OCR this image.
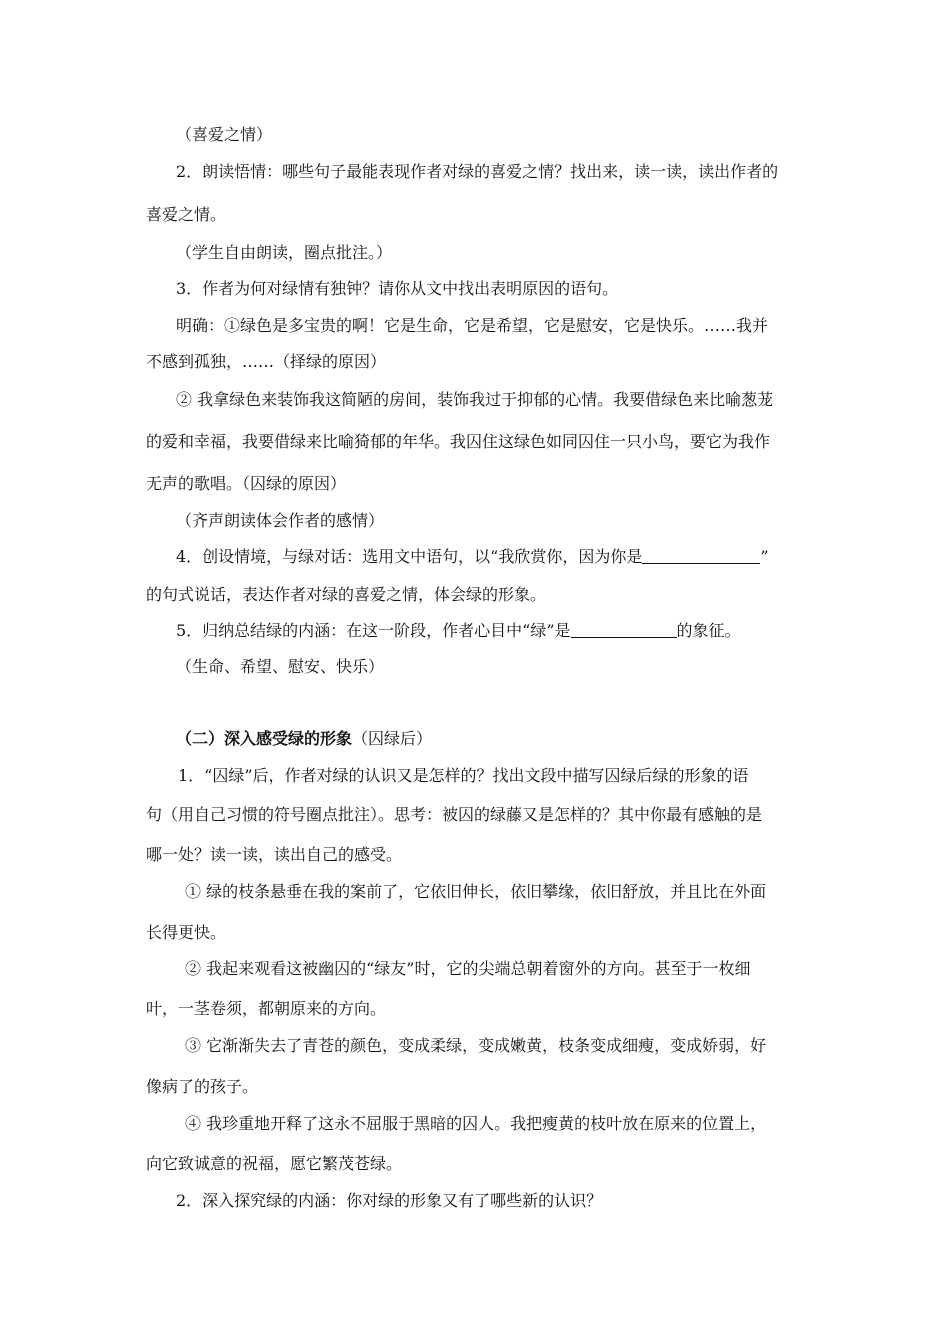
（喜爱之情）

2．朗读悟情：哪些句子最能表现作者对绿的喜爱之情？找出来，读一读，读出作者的

喜爱之情。

（学生自由朗读，圈点批注。）

3．作者为何对绿情有独钟？请你从文中找出表明原因的语句。

明确：①绿色是多宝贵的啊！它是生命，它是希望，它是慰安，它是快乐。……我并

不感到孤独，……（择绿的原因）

② 我拿绿色来装饰我这简陋的房间，装饰我过于抑郁的心情。我要借绿色来比喻葱茏

的爱和幸福，我要借绿来比喻猗郁的年华。我囚住这绿色如同囚住一只小鸟，要它为我作

无声的歌唱。（囚绿的原因）

（齐声朗读体会作者的感情）

4．创设情境，与绿对话：选用文中语句，以“我欣赏你，因为你是	”

的句式说话，表达作者对绿的喜爱之情，体会绿的形象。

5．归纳总结绿的内涵：在这一阶段，作者心目中“绿”是	的象征。

（生命、希望、慰安、快乐）

（二）深入感受绿的形象（囚绿后）

1．“囚绿”后，作者对绿的认识又是怎样的？找出文段中描写囚绿后绿的形象的语

句（用自己习惯的符号圈点批注）。思考：被囚的绿藤又是怎样的？其中你最有感触的是

哪一处？读一读，读出自己的感受。

① 绿的枝条悬垂在我的案前了，它依旧伸长，依旧攀缘，依旧舒放，并且比在外面

长得更快。

② 我起来观看这被幽囚的“绿友”时，它的尖端总朝着窗外的方向。甚至于一枚细

叶，一茎卷须，都朝原来的方向。

③ 它渐渐失去了青苍的颜色，变成柔绿，变成嫩黄，枝条变成细瘦，变成娇弱，好

像病了的孩子。

④ 我珍重地开释了这永不屈服于黑暗的囚人。我把瘦黄的枝叶放在原来的位置上，

向它致诚意的祝福，愿它繁茂苍绿。

2．深入探究绿的内涵：你对绿的形象又有了哪些新的认识？
